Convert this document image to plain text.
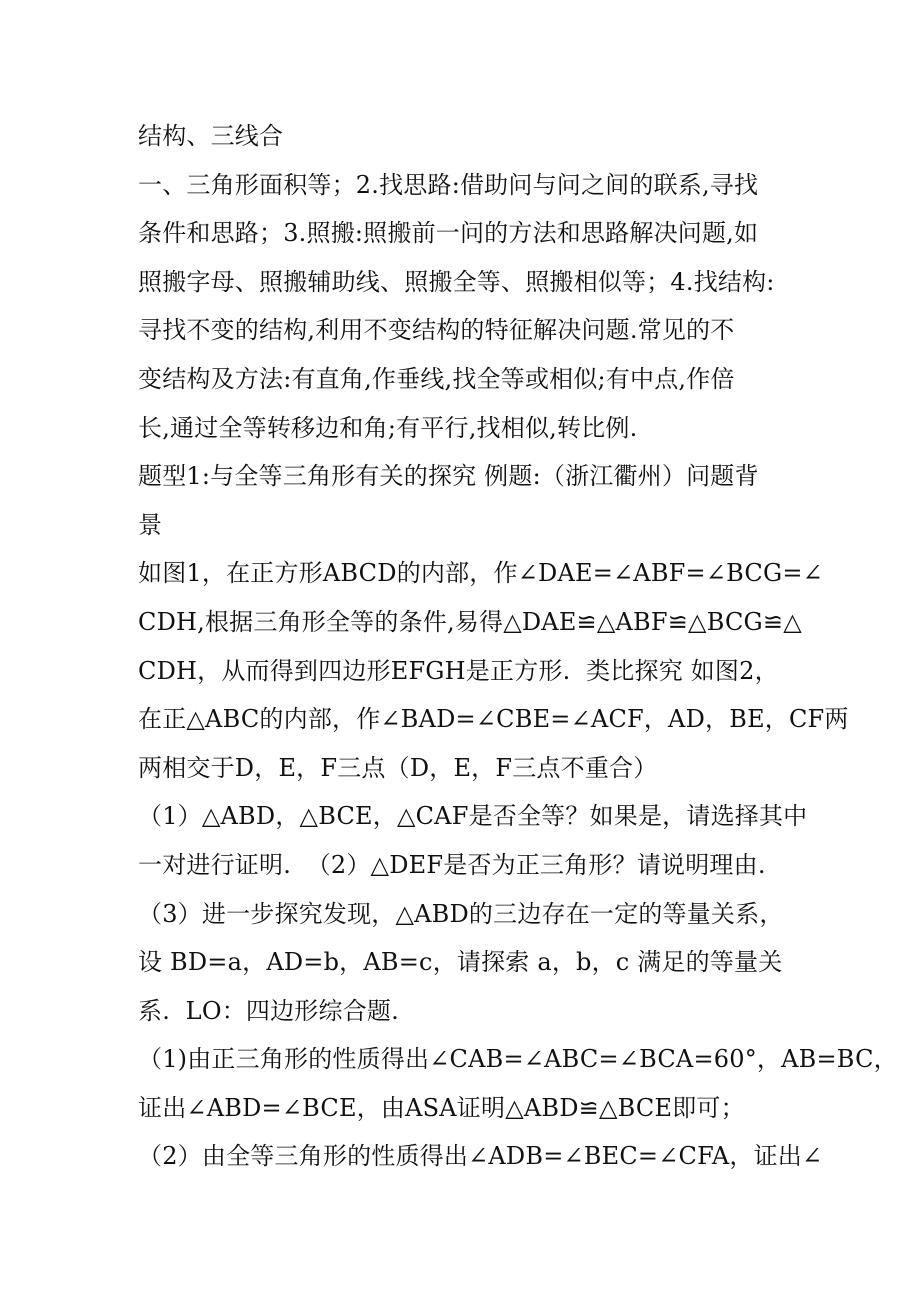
结构、三线合
一、三角形面积等；2.找思路:借助问与问之间的联系,寻找
条件和思路；3.照搬:照搬前一问的方法和思路解决问题,如
照搬字母、照搬辅助线、照搬全等、照搬相似等；4.找结构:
寻找不变的结构,利用不变结构的特征解决问题.常见的不
变结构及方法:有直角,作垂线,找全等或相似;有中点,作倍
长,通过全等转移边和角;有平行,找相似,转比例.
题型1:与全等三角形有关的探究 例题:（浙江衢州）问题背
景
如图1，在正方形ABCD的内部，作∠DAE=∠ABF=∠BCG=∠
CDH,根据三角形全等的条件,易得△DAE≌△ABF≌△BCG≌△
CDH，从而得到四边形EFGH是正方形.  类比探究 如图2，
在正△ABC的内部，作∠BAD=∠CBE=∠ACF，AD，BE，CF两
两相交于D，E，F三点（D，E，F三点不重合）
（1）△ABD，△BCE，△CAF是否全等？如果是，请选择其中
一对进行证明.  （2）△DEF是否为正三角形？请说明理由.
（3）进一步探究发现，△ABD的三边存在一定的等量关系，
设 BD=a，AD=b，AB=c，请探索 a，b，c 满足的等量关
系.  LO：四边形综合题.
（1)由正三角形的性质得出∠CAB=∠ABC=∠BCA=60°，AB=BC，
证出∠ABD=∠BCE，由ASA证明△ABD≌△BCE即可；
（2）由全等三角形的性质得出∠ADB=∠BEC=∠CFA，证出∠
